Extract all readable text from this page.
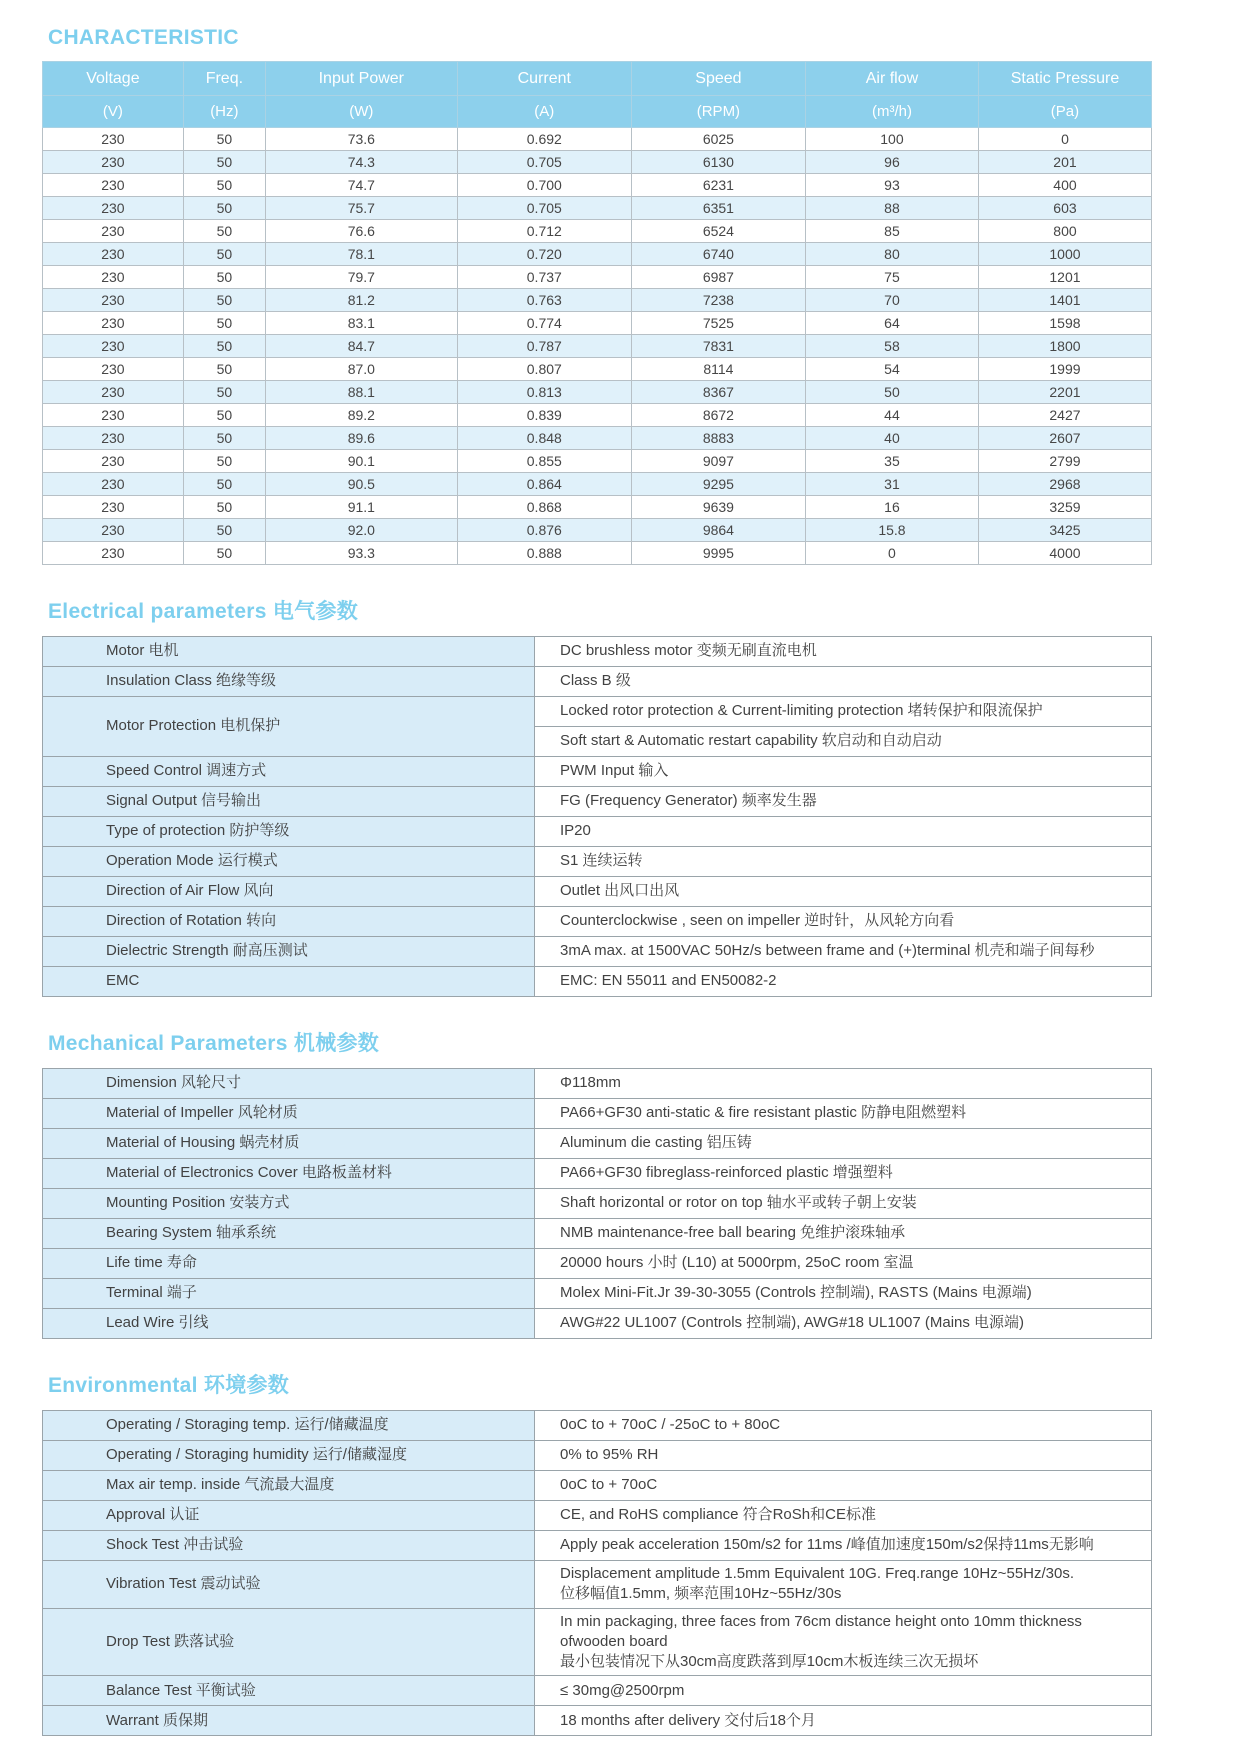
CHARACTERISTIC
Voltage	Freq.	Input Power	Current	Speed	Air flow	Static Pressure
(V)	(Hz)	(W)	(A)	(RPM)	(m³/h)	(Pa)
230	50	73.6	0.692	6025	100	0
230	50	74.3	0.705	6130	96	201
230	50	74.7	0.700	6231	93	400
230	50	75.7	0.705	6351	88	603
230	50	76.6	0.712	6524	85	800
230	50	78.1	0.720	6740	80	1000
230	50	79.7	0.737	6987	75	1201
230	50	81.2	0.763	7238	70	1401
230	50	83.1	0.774	7525	64	1598
230	50	84.7	0.787	7831	58	1800
230	50	87.0	0.807	8114	54	1999
230	50	88.1	0.813	8367	50	2201
230	50	89.2	0.839	8672	44	2427
230	50	89.6	0.848	8883	40	2607
230	50	90.1	0.855	9097	35	2799
230	50	90.5	0.864	9295	31	2968
230	50	91.1	0.868	9639	16	3259
230	50	92.0	0.876	9864	15.8	3425
230	50	93.3	0.888	9995	0	4000
Electrical parameters 电气参数
Motor 电机	DC brushless motor 变频无刷直流电机

Insulation Class 绝缘等级	Class B 级

Motor Protection 电机保护	Locked rotor protection & Current-limiting protection 堵转保护和限流保护
	Soft start & Automatic restart capability 软启动和自动启动
Speed Control 调速方式	PWM Input 输入

Signal Output 信号输出	FG (Frequency Generator) 频率发生器

Type of protection 防护等级	IP20

Operation Mode 运行模式	S1 连续运转

Direction of Air Flow 风向	Outlet 出风口出风

Direction of Rotation 转向	Counterclockwise , seen on impeller 逆时针，从风轮方向看

Dielectric Strength 耐高压测试	3mA max. at 1500VAC 50Hz/s between frame and (+)terminal 机壳和端子间每秒

EMC	EMC: EN 55011 and EN50082-2
Mechanical Parameters 机械参数
Dimension 风轮尺寸	Φ118mm

Material of Impeller 风轮材质	PA66+GF30 anti-static & fire resistant plastic 防静电阻燃塑料

Material of Housing 蜗壳材质	Aluminum die casting 铝压铸

Material of Electronics Cover 电路板盖材料	PA66+GF30 fibreglass-reinforced plastic 增强塑料

Mounting Position 安装方式	Shaft horizontal or rotor on top 轴水平或转子朝上安装

Bearing System 轴承系统	NMB maintenance-free ball bearing 免维护滚珠轴承

Life time 寿命	20000 hours 小时 (L10) at 5000rpm, 25oC room 室温

Terminal 端子	Molex Mini-Fit.Jr 39-30-3055 (Controls 控制端), RASTS (Mains 电源端)

Lead Wire 引线	AWG#22 UL1007 (Controls 控制端), AWG#18 UL1007 (Mains 电源端)
Environmental 环境参数
Operating / Storaging temp. 运行/储藏温度	0oC to + 70oC / -25oC to + 80oC

Operating / Storaging humidity 运行/储藏湿度	0% to 95% RH

Max air temp. inside 气流最大温度	0oC to + 70oC

Approval 认证	CE, and RoHS compliance 符合RoSh和CE标准

Shock Test 冲击试验	Apply peak acceleration 150m/s2 for 11ms /峰值加速度150m/s2保持11ms无影响

Vibration Test 震动试验	Displacement amplitude 1.5mm Equivalent 10G. Freq.range 10Hz~55Hz/30s.
位移幅值1.5mm, 频率范围10Hz~55Hz/30s

Drop Test 跌落试验	In min packaging, three faces from 76cm distance height onto 10mm thickness ofwooden board
最小包装情况下从30cm高度跌落到厚10cm木板连续三次无损坏

Balance Test 平衡试验	≤ 30mg@2500rpm

Warrant 质保期	18 months after delivery 交付后18个月
